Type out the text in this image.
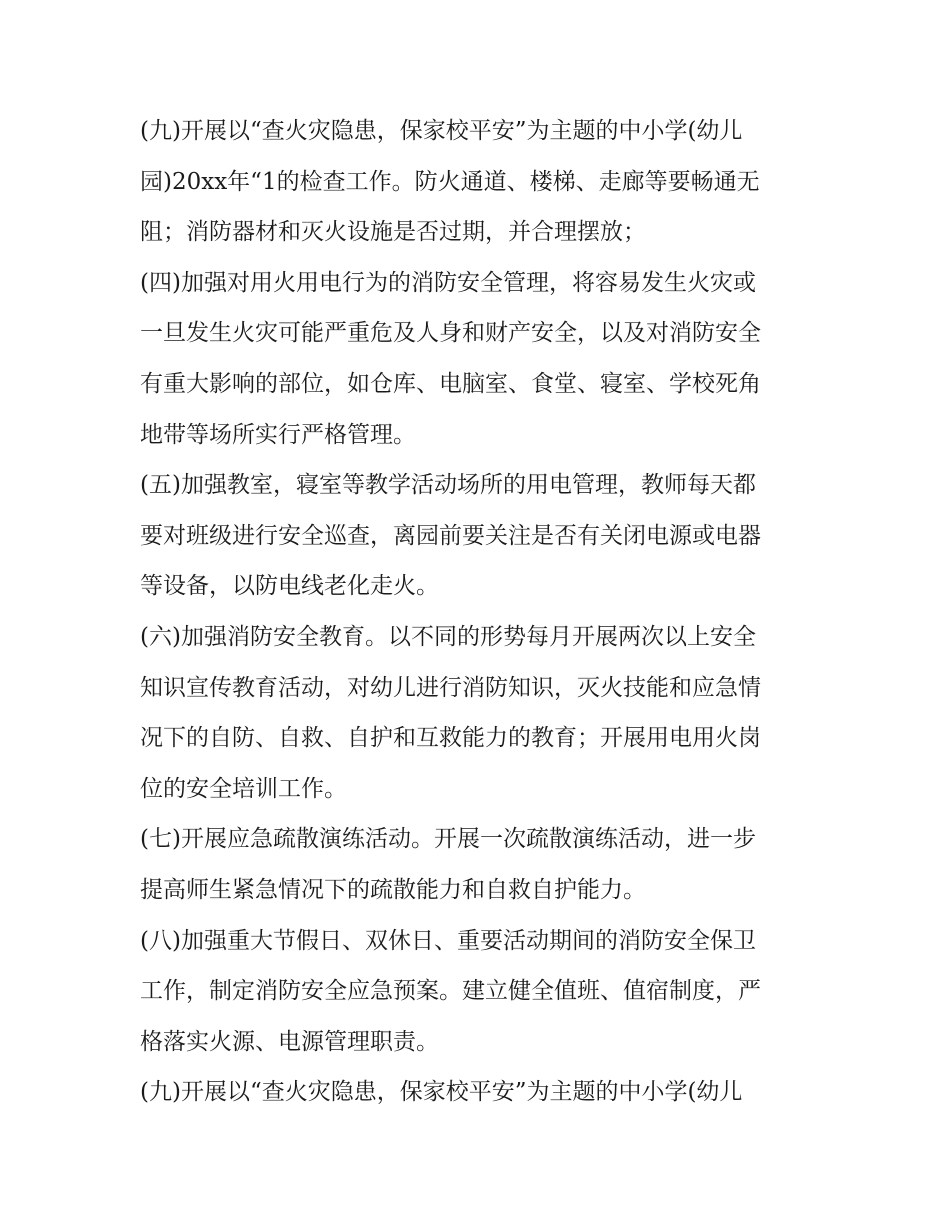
(九)开展以“查火灾隐患，保家校平安”为主题的中小学(幼儿
园)20xx年“1的检查工作。防火通道、楼梯、走廊等要畅通无
阻；消防器材和灭火设施是否过期，并合理摆放；
(四)加强对用火用电行为的消防安全管理，将容易发生火灾或
一旦发生火灾可能严重危及人身和财产安全，以及对消防安全
有重大影响的部位，如仓库、电脑室、食堂、寝室、学校死角
地带等场所实行严格管理。
(五)加强教室，寝室等教学活动场所的用电管理，教师每天都
要对班级进行安全巡查，离园前要关注是否有关闭电源或电器
等设备，以防电线老化走火。
(六)加强消防安全教育。以不同的形势每月开展两次以上安全
知识宣传教育活动，对幼儿进行消防知识，灭火技能和应急情
况下的自防、自救、自护和互救能力的教育；开展用电用火岗
位的安全培训工作。
(七)开展应急疏散演练活动。开展一次疏散演练活动，进一步
提高师生紧急情况下的疏散能力和自救自护能力。
(八)加强重大节假日、双休日、重要活动期间的消防安全保卫
工作，制定消防安全应急预案。建立健全值班、值宿制度，严
格落实火源、电源管理职责。
(九)开展以“查火灾隐患，保家校平安”为主题的中小学(幼儿
